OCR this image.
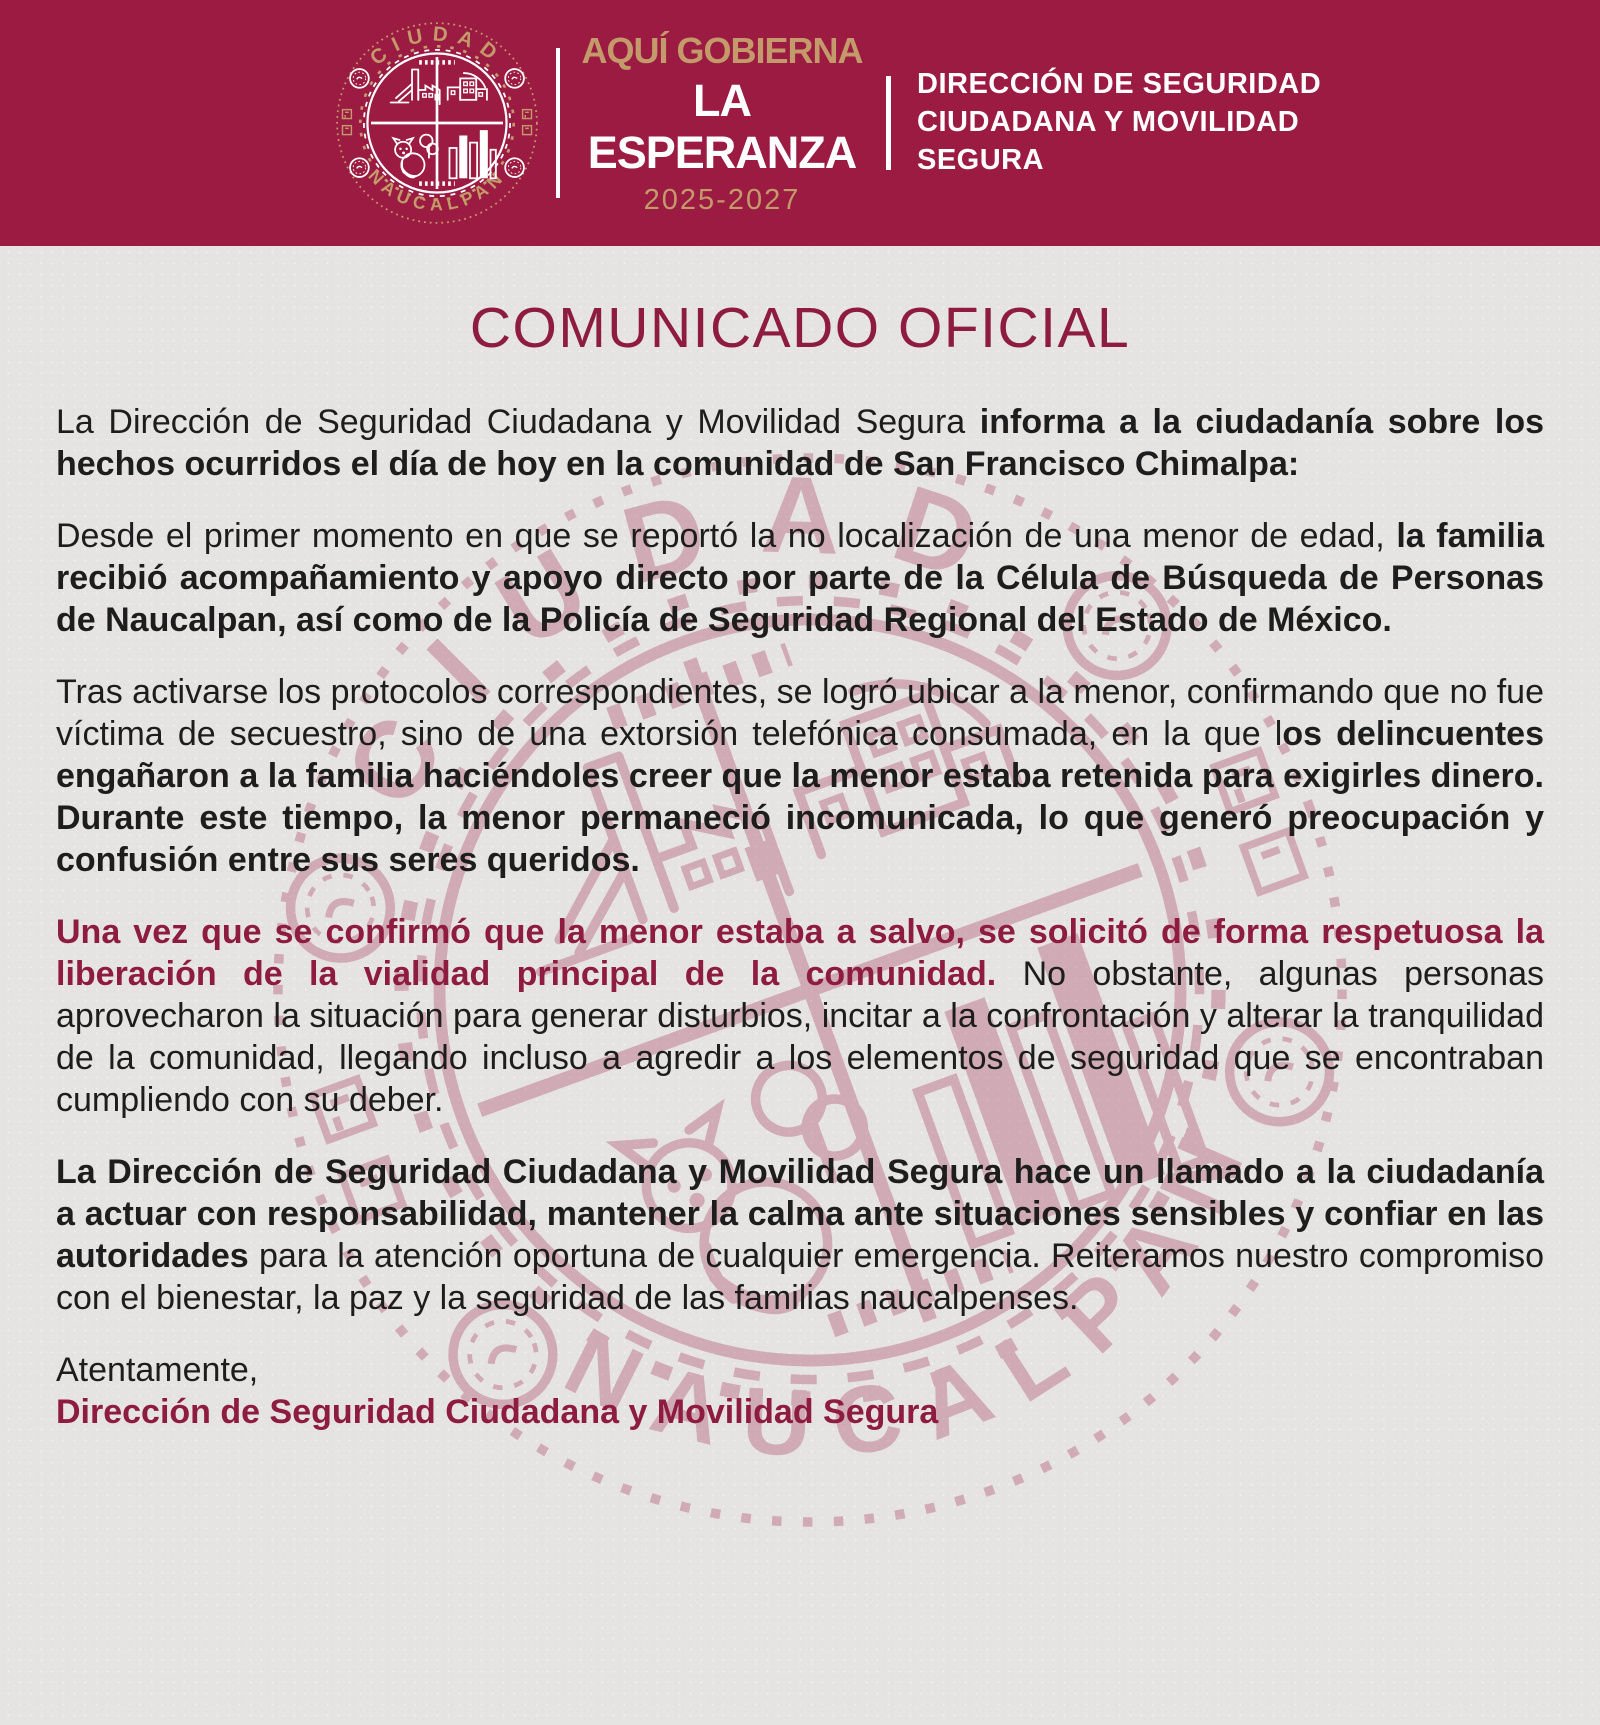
AQUÍ GOBIERNA
LA ESPERANZA
2025-2027
DIRECCIÓN DE SEGURIDAD CIUDADANA Y MOVILIDAD SEGURA
COMUNICADO OFICIAL

La Dirección de Seguridad Ciudadana y Movilidad Segura informa a la ciudadanía sobre los hechos ocurridos el día de hoy en la comunidad de San Francisco Chimalpa:

Desde el primer momento en que se reportó la no localización de una menor de edad, la familia recibió acompañamiento y apoyo directo por parte de la Célula de Búsqueda de Personas de Naucalpan, así como de la Policía de Seguridad Regional del Estado de México.

Tras activarse los protocolos correspondientes, se logró ubicar a la menor, confirmando que no fue víctima de secuestro, sino de una extorsión telefónica consumada, en la que los delincuentes engañaron a la familia haciéndoles creer que la menor estaba retenida para exigirles dinero. Durante este tiempo, la menor permaneció incomunicada, lo que generó preocupación y confusión entre sus seres queridos.

Una vez que se confirmó que la menor estaba a salvo, se solicitó de forma respetuosa la liberación de la vialidad principal de la comunidad. No obstante, algunas personas aprovecharon la situación para generar disturbios, incitar a la confrontación y alterar la tranquilidad de la comunidad, llegando incluso a agredir a los elementos de seguridad que se encontraban cumpliendo con su deber.

La Dirección de Seguridad Ciudadana y Movilidad Segura hace un llamado a la ciudadanía a actuar con responsabilidad, mantener la calma ante situaciones sensibles y confiar en las autoridades para la atención oportuna de cualquier emergencia. Reiteramos nuestro compromiso con el bienestar, la paz y la seguridad de las familias naucalpenses.

Atentamente,

Dirección de Seguridad Ciudadana y Movilidad Segura
